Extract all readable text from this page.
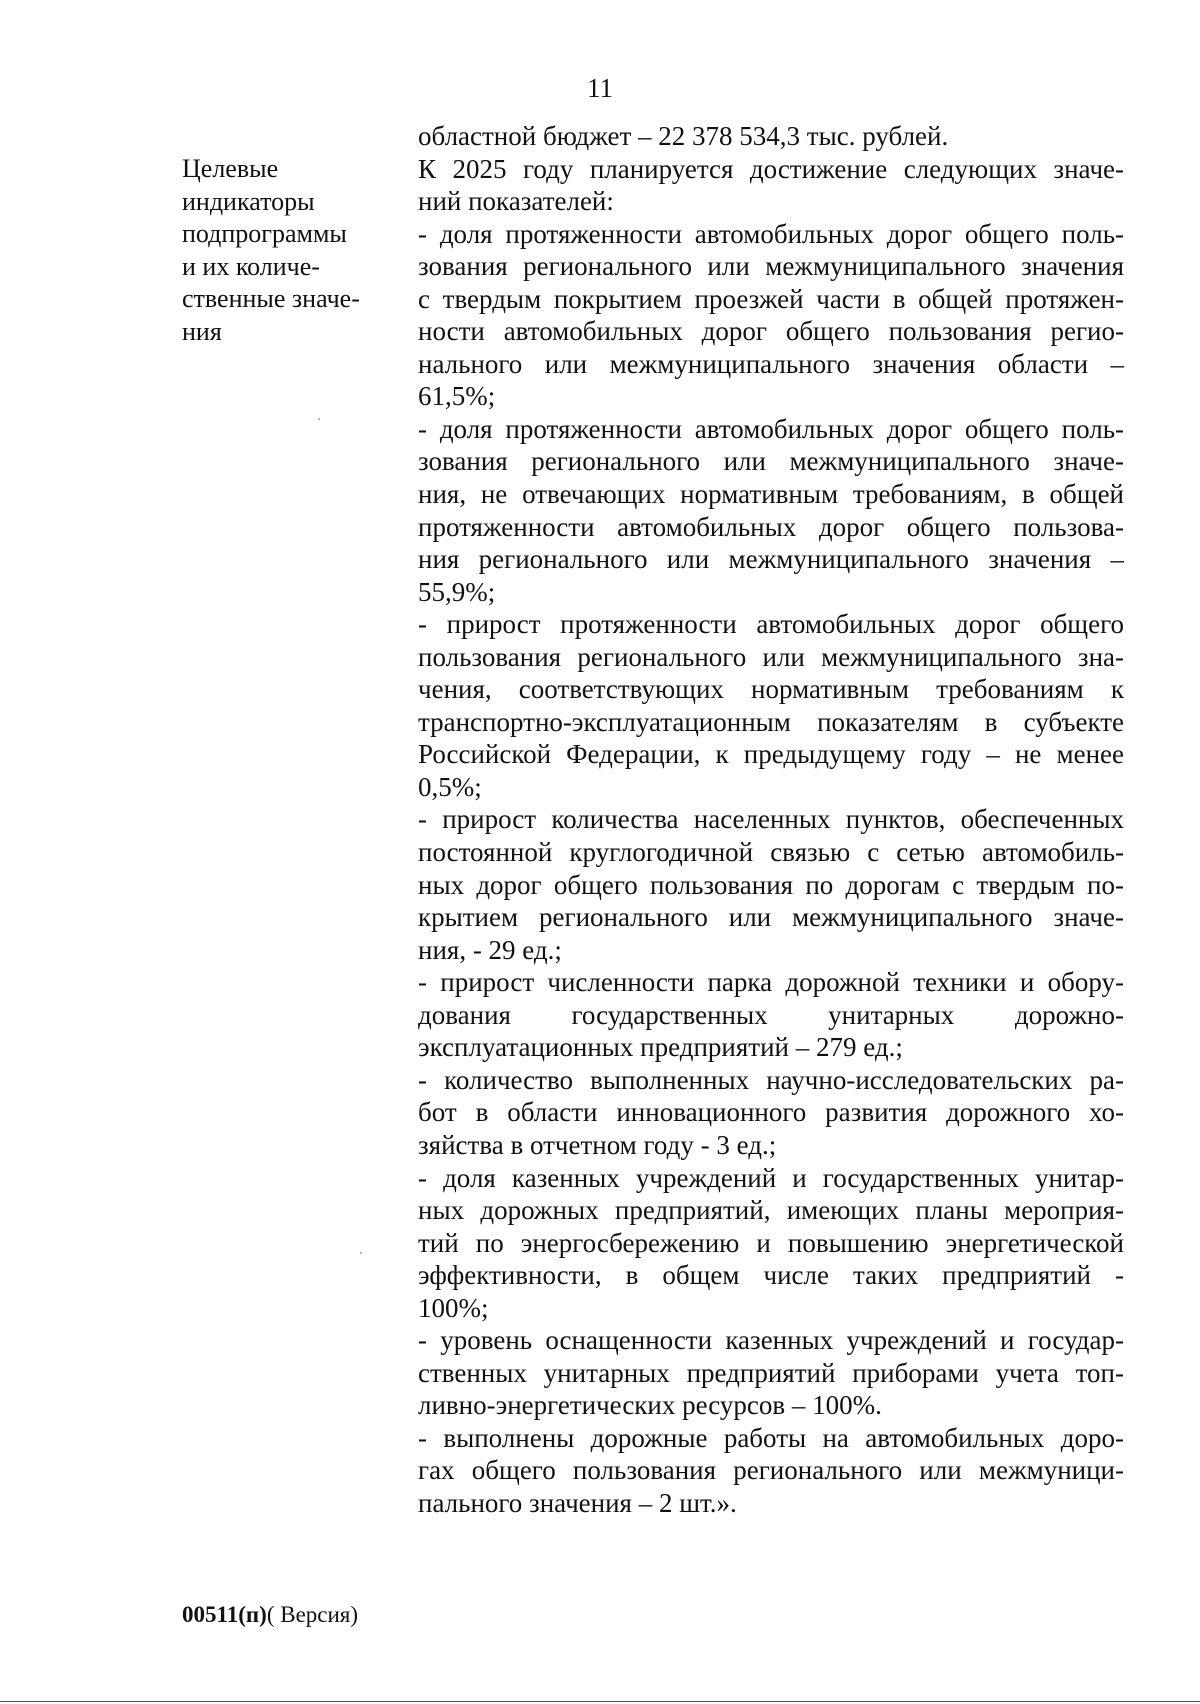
11
Целевые
индикаторы
подпрограммы
и их количе-
ственные значе-
ния
областной бюджет – 22 378 534,3 тыс. рублей.
К 2025 году планируется достижение следующих значе-
ний показателей:
- доля протяженности автомобильных дорог общего поль-
зования регионального или межмуниципального значения
с твердым покрытием проезжей части в общей протяжен-
ности автомобильных дорог общего пользования регио-
нального или межмуниципального значения области –
61,5%;
- доля протяженности автомобильных дорог общего поль-
зования регионального или межмуниципального значе-
ния, не отвечающих нормативным требованиям, в общей
протяженности автомобильных дорог общего пользова-
ния регионального или межмуниципального значения –
55,9%;
- прирост протяженности автомобильных дорог общего
пользования регионального или межмуниципального зна-
чения, соответствующих нормативным требованиям к
транспортно-эксплуатационным показателям в субъекте
Российской Федерации, к предыдущему году – не менее
0,5%;
- прирост количества населенных пунктов, обеспеченных
постоянной круглогодичной связью с сетью автомобиль-
ных дорог общего пользования по дорогам с твердым по-
крытием регионального или межмуниципального значе-
ния, - 29 ед.;
- прирост численности парка дорожной техники и обору-
дования государственных унитарных дорожно-
эксплуатационных предприятий – 279 ед.;
- количество выполненных научно-исследовательских ра-
бот в области инновационного развития дорожного хо-
зяйства в отчетном году - 3 ед.;
- доля казенных учреждений и государственных унитар-
ных дорожных предприятий, имеющих планы мероприя-
тий по энергосбережению и повышению энергетической
эффективности, в общем числе таких предприятий -
100%;
- уровень оснащенности казенных учреждений и государ-
ственных унитарных предприятий приборами учета топ-
ливно-энергетических ресурсов – 100%.
- выполнены дорожные работы на автомобильных доро-
гах общего пользования регионального или межмуници-
пального значения – 2 шт.».
00511(п)( Версия)
